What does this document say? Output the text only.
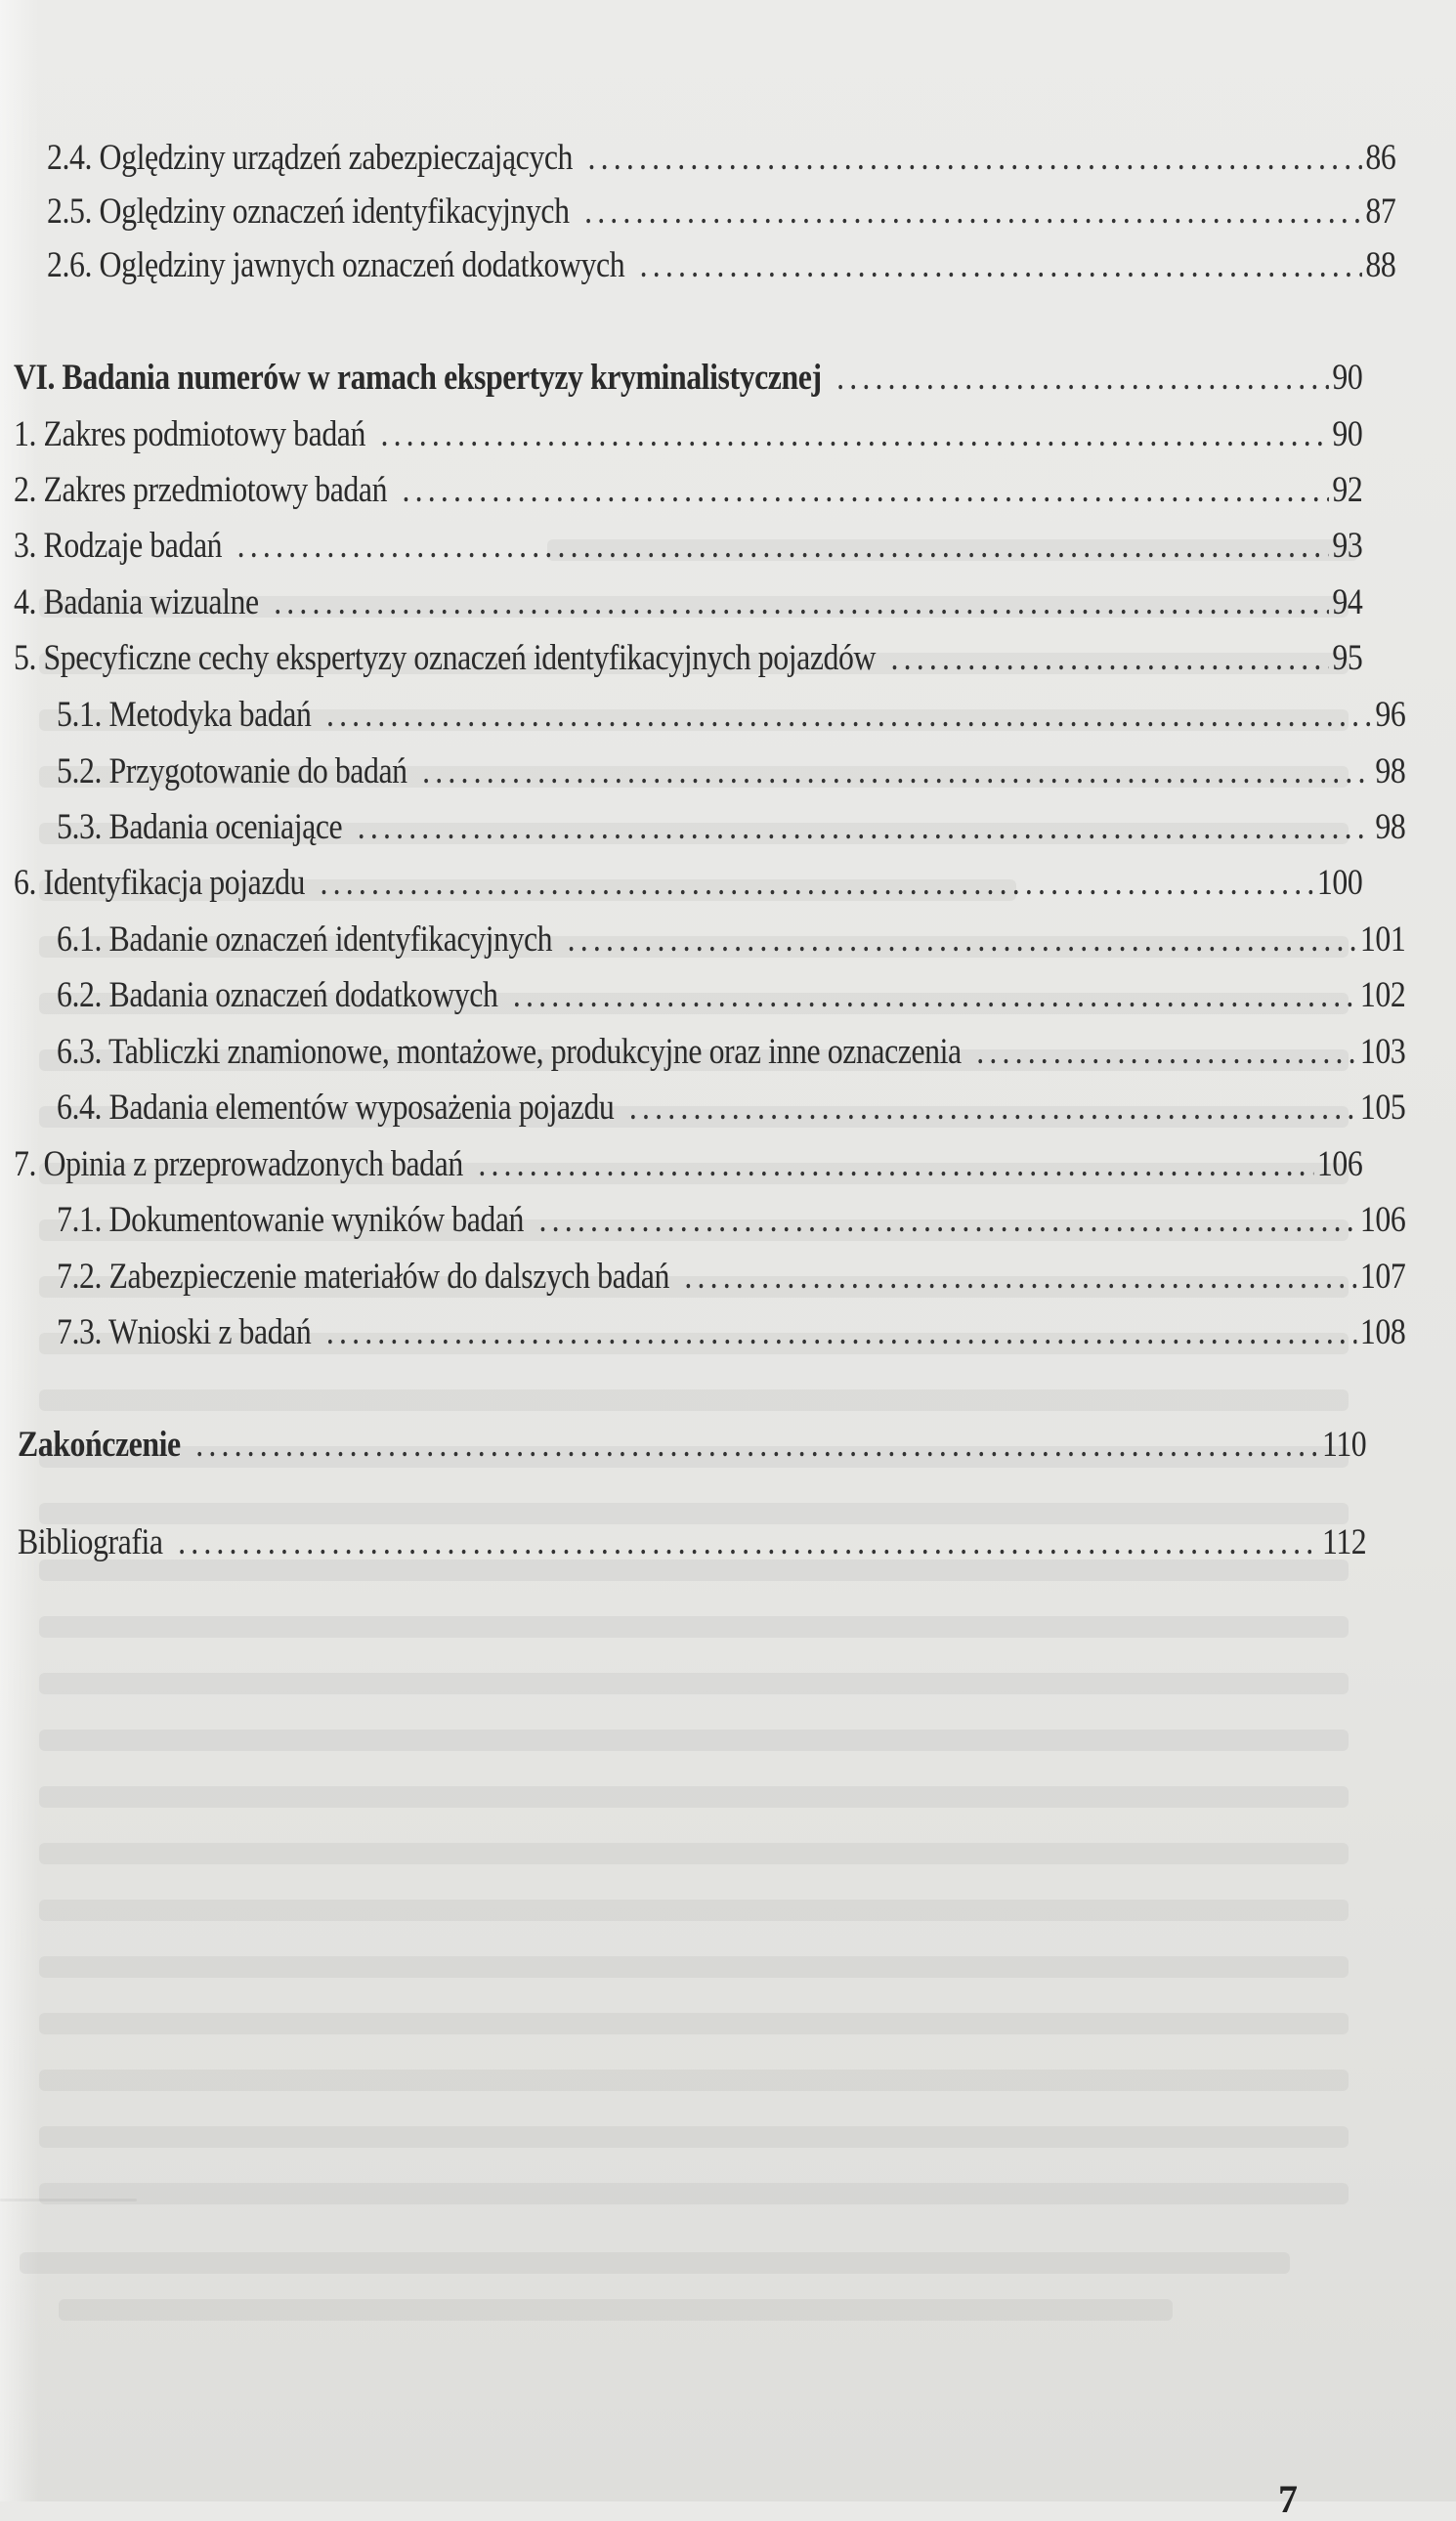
2.4. Oględziny urządzeń zabezpieczających .....	86
2.5. Oględziny oznaczeń identyfikacyjnych .....	87
2.6. Oględziny jawnych oznaczeń dodatkowych .....	88
VI. Badania numerów w ramach ekspertyzy kryminalistycznej .....	90
1. Zakres podmiotowy badań .....	90
2. Zakres przedmiotowy badań .....	92
3. Rodzaje badań .....	93
4. Badania wizualne .....	94
5. Specyficzne cechy ekspertyzy oznaczeń identyfikacyjnych pojazdów .....	95
5.1. Metodyka badań .....	96
5.2. Przygotowanie do badań .....	98
5.3. Badania oceniające .....	98
6. Identyfikacja pojazdu .....	100
6.1. Badanie oznaczeń identyfikacyjnych .....	101
6.2. Badania oznaczeń dodatkowych .....	102
6.3. Tabliczki znamionowe, montażowe, produkcyjne oraz inne oznaczenia .....	103
6.4. Badania elementów wyposażenia pojazdu .....	105
7. Opinia z przeprowadzonych badań .....	106
7.1. Dokumentowanie wyników badań .....	106
7.2. Zabezpieczenie materiałów do dalszych badań .....	107
7.3. Wnioski z badań .....	108
Zakończenie .....	110
Bibliografia .....	112
7
